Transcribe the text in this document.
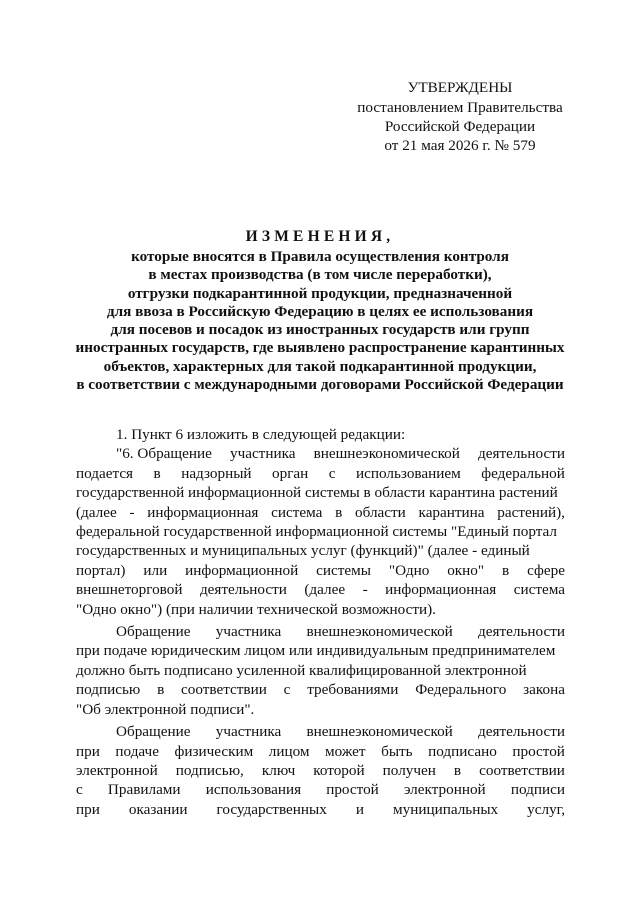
УТВЕРЖДЕНЫ
постановлением Правительства
Российской Федерации
от 21 мая 2026 г. № 579
ИЗМЕНЕНИЯ,
которые вносятся в Правила осуществления контроля
в местах производства (в том числе переработки),
отгрузки подкарантинной продукции, предназначенной
для ввоза в Российскую Федерацию в целях ее использования
для посевов и посадок из иностранных государств или групп
иностранных государств, где выявлено распространение карантинных
объектов, характерных для такой подкарантинной продукции,
в соответствии с международными договорами Российской Федерации
1. Пункт 6 изложить в следующей редакции:
"6. Обращение участника внешнеэкономической деятельности
подается в надзорный орган с использованием федеральной
государственной информационной системы в области карантина растений
(далее - информационная система в области карантина растений),
федеральной государственной информационной системы "Единый портал
государственных и муниципальных услуг (функций)" (далее - единый
портал) или информационной системы "Одно окно" в сфере
внешнеторговой деятельности (далее - информационная система
"Одно окно") (при наличии технической возможности).
Обращение участника внешнеэкономической деятельности
при подаче юридическим лицом или индивидуальным предпринимателем
должно быть подписано усиленной квалифицированной электронной
подписью в соответствии с требованиями Федерального закона
"Об электронной подписи".
Обращение участника внешнеэкономической деятельности
при подаче физическим лицом может быть подписано простой
электронной подписью, ключ которой получен в соответствии
с Правилами использования простой электронной подписи
при оказании государственных и муниципальных услуг,
